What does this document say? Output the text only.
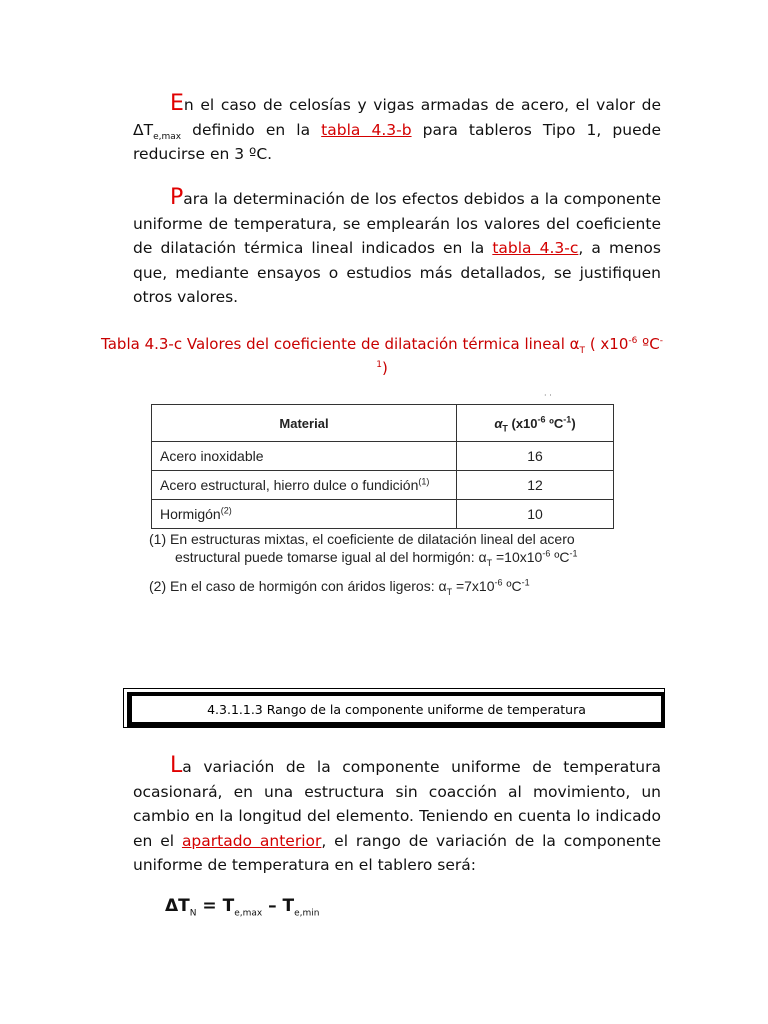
En el caso de celosías y vigas armadas de acero, el valor de $\Delta T_{e,max}$ definido en la tabla 4.3-b para tableros Tipo 1, puede reducirse en 3 ºC.

Para la determinación de los efectos debidos a la componente uniforme de temperatura, se emplearán los valores del coeficiente de dilatación térmica lineal indicados en la tabla 4.3-c, a menos que, mediante ensayos o estudios más detallados, se justifiquen otros valores.

Tabla 4.3-c Valores del coeficiente de dilatación térmica lineal $\alpha_T$ ( $x10^{-6}$ ºC$^{-1}$)
· ·
Material	$\alpha_T$ ($x10^{-6}$ ºC$^{-1}$)
Acero inoxidable	16
Acero estructural, hierro dulce o fundición$^{(1)}$	12
Hormigón$^{(2)}$	10
(1) En estructuras mixtas, el coeficiente de dilatación lineal del acero
estructural puede tomarse igual al del hormigón: $\alpha_T =10x10^{-6}$ ºC$^{-1}$
(2) En el caso de hormigón con áridos ligeros: $\alpha_T =7x10^{-6}$ ºC$^{-1}$
4.3.1.1.3 Rango de la componente uniforme de temperatura

La variación de la componente uniforme de temperatura ocasionará, en una estructura sin coacción al movimiento, un cambio en la longitud del elemento. Teniendo en cuenta lo indicado en el apartado anterior, el rango de variación de la componente uniforme de temperatura en el tablero será:

$\Delta T_N = T_{e,max} - T_{e,min}$
